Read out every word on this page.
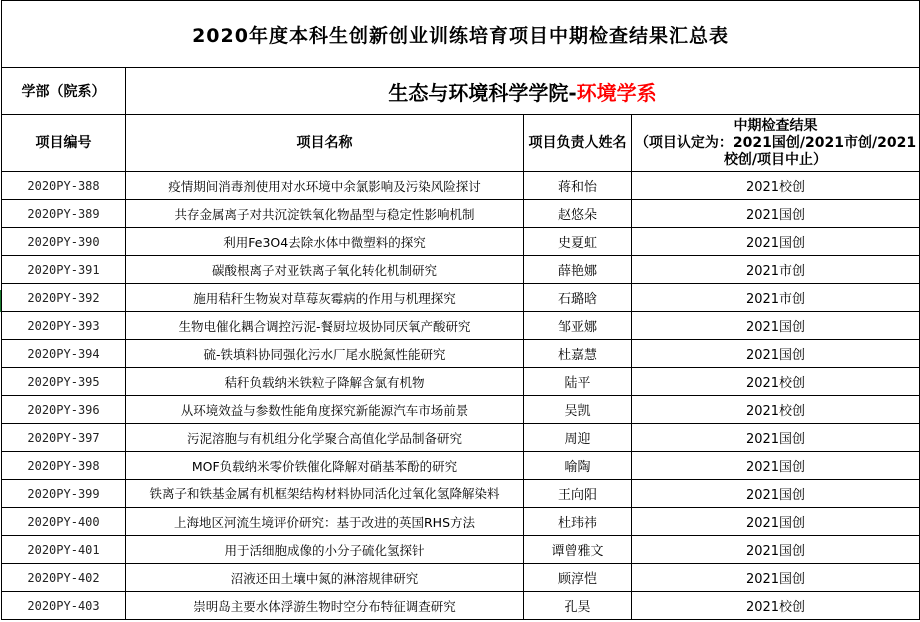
2020年度本科生创新创业训练培育项目中期检查结果汇总表			
学部（院系）	生态与环境科学学院-环境学系		
项目编号	项目名称	项目负责人姓名	中期检查结果
（项目认定为：2021国创/2021市创/2021校创/项目中止）

2020PY-388	疫情期间消毒剂使用对水环境中余氯影响及污染风险探讨	蒋和怡	2021校创
2020PY-389	共存金属离子对共沉淀铁氧化物晶型与稳定性影响机制	赵悠朵	2021国创
2020PY-390	利用Fe3O4去除水体中微塑料的探究	史夏虹	2021国创
2020PY-391	碳酸根离子对亚铁离子氧化转化机制研究	薛艳娜	2021市创
2020PY-392	施用秸秆生物炭对草莓灰霉病的作用与机理探究	石璐晗	2021市创
2020PY-393	生物电催化耦合调控污泥-餐厨垃圾协同厌氧产酸研究	邹亚娜	2021国创
2020PY-394	硫-铁填料协同强化污水厂尾水脱氮性能研究	杜嘉慧	2021国创
2020PY-395	秸秆负载纳米铁粒子降解含氯有机物	陆平	2021校创
2020PY-396	从环境效益与参数性能角度探究新能源汽车市场前景	吴凯	2021校创
2020PY-397	污泥溶胞与有机组分化学聚合高值化学品制备研究	周迎	2021国创
2020PY-398	MOF负载纳米零价铁催化降解对硝基苯酚的研究	喻陶	2021国创
2020PY-399	铁离子和铁基金属有机框架结构材料协同活化过氧化氢降解染料	王向阳	2021国创
2020PY-400	上海地区河流生境评价研究：基于改进的英国RHS方法	杜玮祎	2021国创
2020PY-401	用于活细胞成像的小分子硫化氢探针	谭曾雅文	2021国创
2020PY-402	沼液还田土壤中氮的淋溶规律研究	顾淳恺	2021国创
2020PY-403	崇明岛主要水体浮游生物时空分布特征调查研究	孔昊	2021校创
